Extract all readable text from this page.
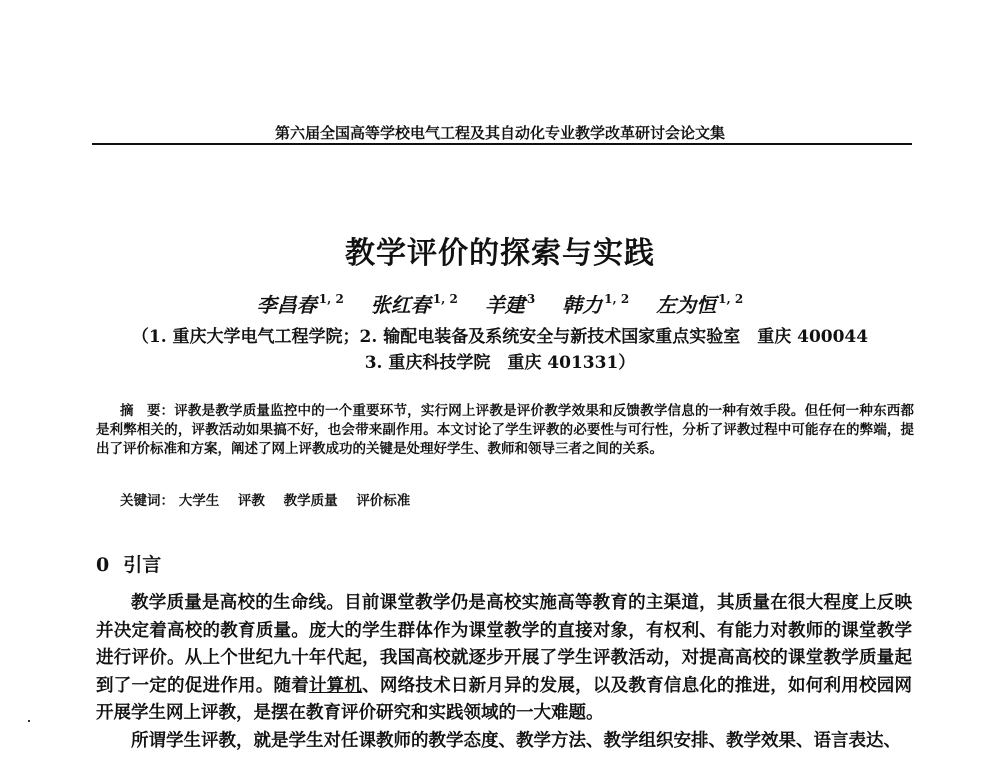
第六届全国高等学校电气工程及其自动化专业教学改革研讨会论文集
教学评价的探索与实践
李昌春 $^{1, 2}$ 张红春 $^{1, 2}$ 羊建 $^3$ 韩力 $^{1, 2}$ 左为恒 $^{1, 2}$
（1. 重庆大学电气工程学院；2. 输配电装备及系统安全与新技术国家重点实验室　重庆 400044
3. 重庆科技学院　重庆 401331）

摘　要：评教是教学质量监控中的一个重要环节，实行网上评教是评价教学效果和反馈教学信息的一种有效手段。但任何一种东西都是利弊相关的，评教活动如果搞不好，也会带来副作用。本文讨论了学生评教的必要性与可行性，分析了评教过程中可能存在的弊端，提出了评价标准和方案，阐述了网上评教成功的关键是处理好学生、教师和领导三者之间的关系。

关键词： 大学生 评教 教学质量 评价标准
0 引言

教学质量是高校的生命线。目前课堂教学仍是高校实施高等教育的主渠道，其质量在很大程度上反映并决定着高校的教育质量。庞大的学生群体作为课堂教学的直接对象，有权利、有能力对教师的课堂教学进行评价。从上个世纪九十年代起，我国高校就逐步开展了学生评教活动，对提高高校的课堂教学质量起到了一定的促进作用。随着计算机、网络技术日新月异的发展，以及教育信息化的推进，如何利用校园网开展学生网上评教，是摆在教育评价研究和实践领域的一大难题。

所谓学生评教，就是学生对任课教师的教学态度、教学方法、教学组织安排、教学效果、语言表达、
